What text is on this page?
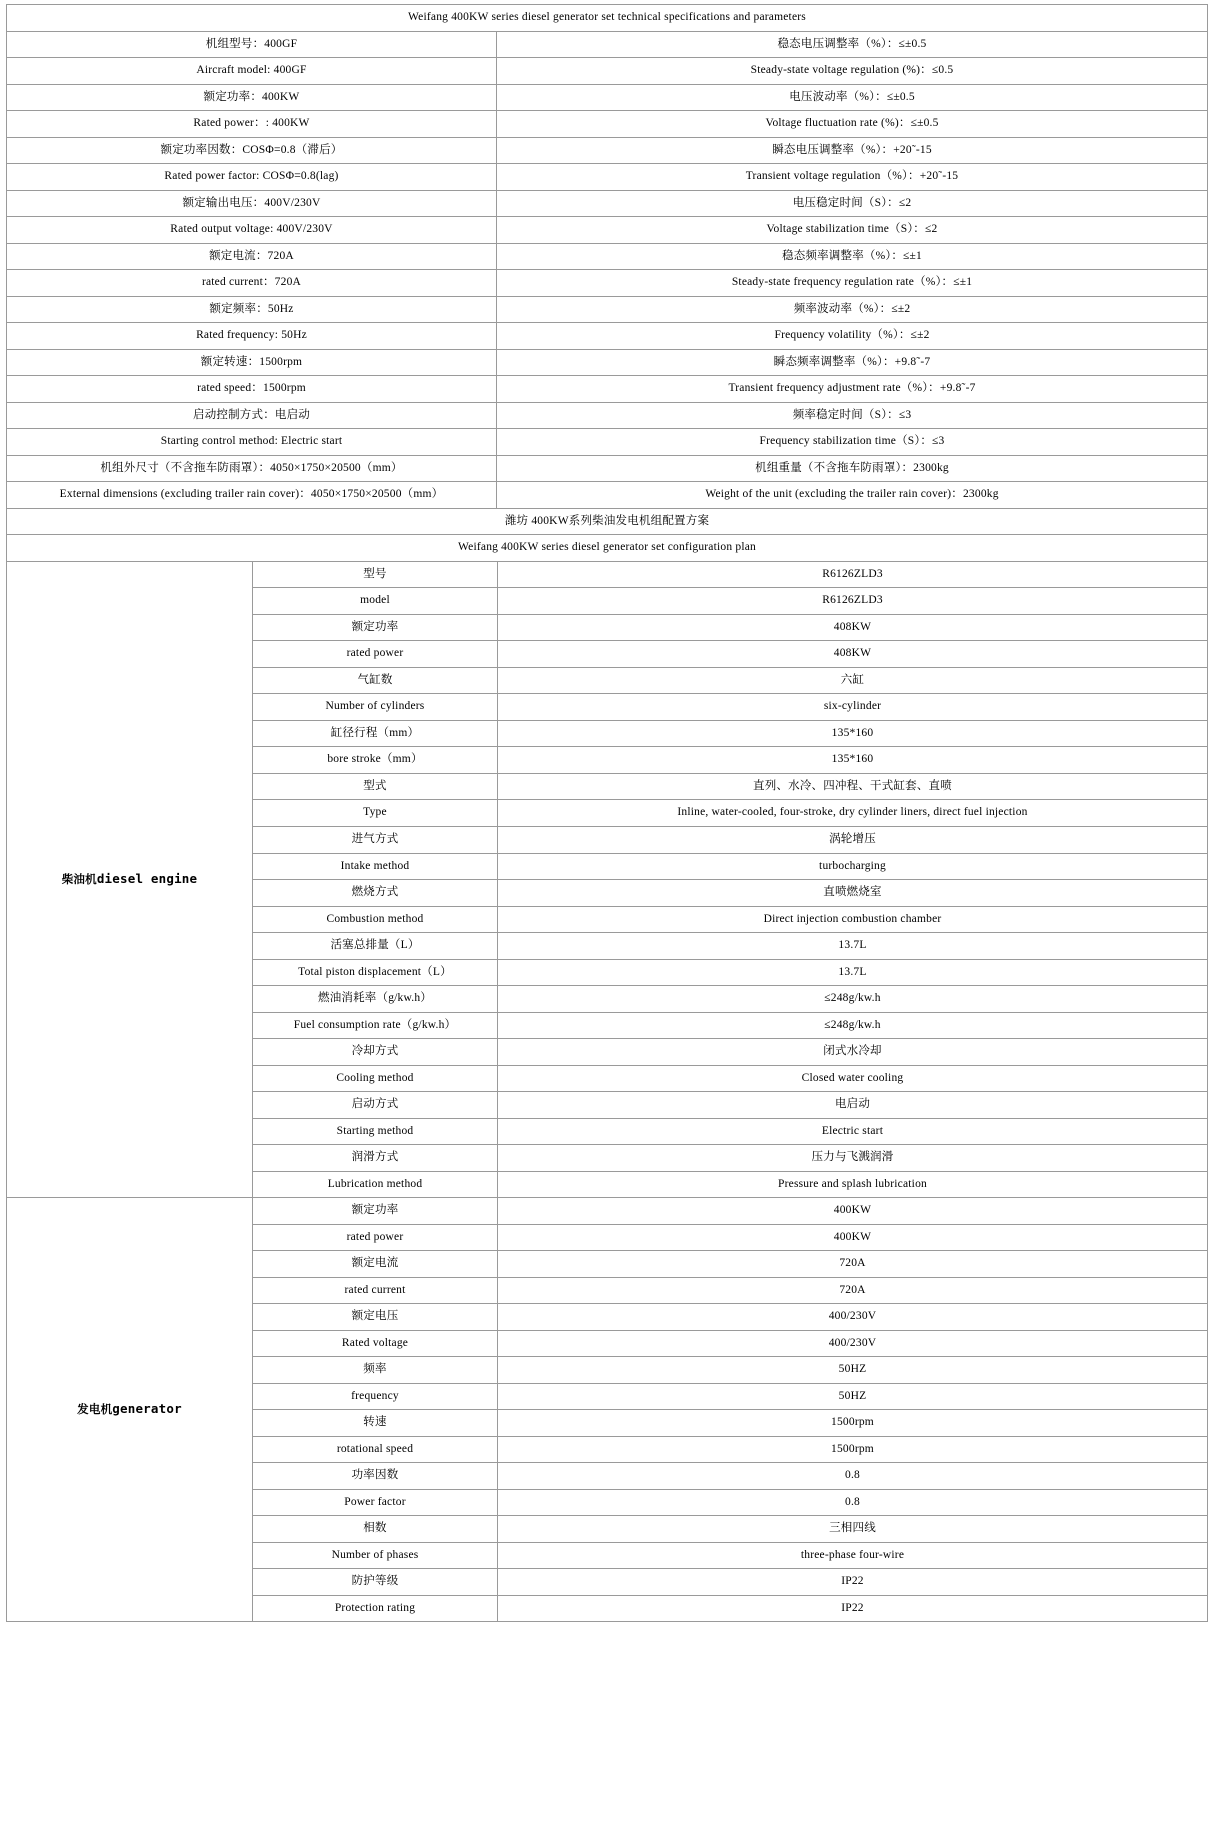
Weifang 400KW series diesel generator set technical specifications and parameters	
机组型号：400GF	稳态电压调整率（%）：≤±0.5
Aircraft model: 400GF	Steady-state voltage regulation (%)：≤0.5
额定功率：400KW	电压波动率（%）：≤±0.5
Rated power：: 400KW	Voltage fluctuation rate (%)：≤±0.5
额定功率因数：COSΦ=0.8（滞后）	瞬态电压调整率（%）：+20˜-15
Rated power factor: COSΦ=0.8(lag)	Transient voltage regulation（%）：+20˜-15
额定输出电压：400V/230V	电压稳定时间（S）：≤2
Rated output voltage: 400V/230V	Voltage stabilization time（S）：≤2
额定电流：720A	稳态频率调整率（%）：≤±1
rated current：720A	Steady-state frequency regulation rate（%）：≤±1
额定频率：50Hz	频率波动率（%）：≤±2
Rated frequency: 50Hz	Frequency volatility（%）：≤±2
额定转速：1500rpm	瞬态频率调整率（%）：+9.8˜-7
rated speed：1500rpm	Transient frequency adjustment rate（%）：+9.8˜-7
启动控制方式：电启动	频率稳定时间（S）：≤3
Starting control method: Electric start	Frequency stabilization time（S）：≤3
机组外尺寸（不含拖车防雨罩）：4050×1750×20500（mm）	机组重量（不含拖车防雨罩）：2300kg
External dimensions (excluding trailer rain cover)：4050×1750×20500（mm）	Weight of the unit (excluding the trailer rain cover)：2300kg
潍坊 400KW系列柴油发电机组配置方案	
Weifang 400KW series diesel generator set configuration plan	
柴油机diesel engine	型号	R6126ZLD3
	model	R6126ZLD3
	额定功率	408KW
	rated power	408KW
	气缸数	六缸
	Number of cylinders	six-cylinder
	缸径行程（mm）	135*160
	bore stroke（mm）	135*160
	型式	直列、水冷、四冲程、干式缸套、直喷
	Type	Inline, water-cooled, four-stroke, dry cylinder liners, direct fuel injection
	进气方式	涡轮增压
	Intake method	turbocharging
	燃烧方式	直喷燃烧室
	Combustion method	Direct injection combustion chamber
	活塞总排量（L）	13.7L
	Total piston displacement（L）	13.7L
	燃油消耗率（g/kw.h）	≤248g/kw.h
	Fuel consumption rate（g/kw.h）	≤248g/kw.h
	冷却方式	闭式水冷却
	Cooling method	Closed water cooling
	启动方式	电启动
	Starting method	Electric start
	润滑方式	压力与飞溅润滑
	Lubrication method	Pressure and splash lubrication
发电机generator	额定功率	400KW
	rated power	400KW
	额定电流	720A
	rated current	720A
	额定电压	400/230V
	Rated voltage	400/230V
	频率	50HZ
	frequency	50HZ
	转速	1500rpm
	rotational speed	1500rpm
	功率因数	0.8
	Power factor	0.8
	相数	三相四线
	Number of phases	three-phase four-wire
	防护等级	IP22
	Protection rating	IP22
